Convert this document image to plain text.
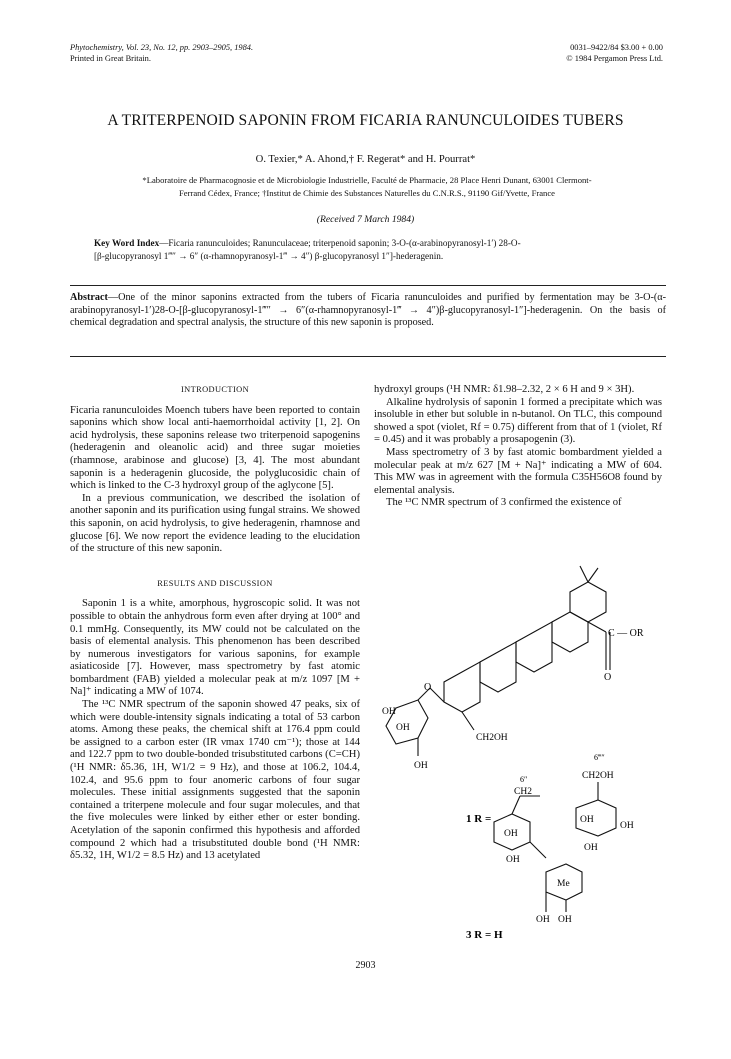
Phytochemistry, Vol. 23, No. 12, pp. 2903–2905, 1984.
Printed in Great Britain.
0031–9422/84 $3.00 + 0.00
© 1984 Pergamon Press Ltd.
A TRITERPENOID SAPONIN FROM FICARIA RANUNCULOIDES TUBERS
O. Texier,* A. Ahond,† F. Regerat* and H. Pourrat*
*Laboratoire de Pharmacognosie et de Microbiologie Industrielle, Faculté de Pharmacie, 28 Place Henri Dunant, 63001 Clermont-
Ferrand Cédex, France; †Institut de Chimie des Substances Naturelles du C.N.R.S., 91190 Gif/Yvette, France
(Received 7 March 1984)
Key Word Index—Ficaria ranunculoides; Ranunculaceae; triterpenoid saponin; 3-O-(α-arabinopyranosyl-1′) 28-O-
[β-glucopyranosyl 1‴″ → 6″ (α-rhamnopyranosyl-1‴ → 4″) β-glucopyranosyl 1″]-hederagenin.
Abstract—One of the minor saponins extracted from the tubers of Ficaria ranunculoides and purified by fermentation may be 3-O-(α-arabinopyranosyl-1′)28-O-[β-glucopyranosyl-1‴″ → 6″(α-rhamnopyranosyl-1‴ → 4″)β-glucopyranosyl-1″]-hederagenin. On the basis of chemical degradation and spectral analysis, the structure of this new saponin is proposed.
INTRODUCTION

Ficaria ranunculoides Moench tubers have been reported to contain saponins which show local anti-haemorrhoidal activity [1, 2]. On acid hydrolysis, these saponins release two triterpenoid sapogenins (hederagenin and oleanolic acid) and three sugar moieties (rhamnose, arabinose and glucose) [3, 4]. The most abundant saponin is a hederagenin glucoside, the polyglucosidic chain of which is linked to the C-3 hydroxyl group of the aglycone [5].

In a previous communication, we described the isolation of another saponin and its purification using fungal strains. We showed this saponin, on acid hydrolysis, to give hederagenin, rhamnose and glucose [6]. We now report the evidence leading to the elucidation of the structure of this new saponin.

RESULTS AND DISCUSSION

Saponin 1 is a white, amorphous, hygroscopic solid. It was not possible to obtain the anhydrous form even after drying at 100° and 0.1 mmHg. Consequently, its MW could not be calculated on the basis of elemental analysis. This phenomenon has been described by numerous investigators for various saponins, for example asiaticoside [7]. However, mass spectrometry by fast atomic bombardment (FAB) yielded a molecular peak at m/z 1097 [M + Na]⁺ indicating a MW of 1074.

The ¹³C NMR spectrum of the saponin showed 47 peaks, six of which were double-intensity signals indicating a total of 53 carbon atoms. Among these peaks, the chemical shift at 176.4 ppm could be assigned to a carbon ester (IR νmax 1740 cm⁻¹); those at 144 and 122.7 ppm to two double-bonded trisubstituted carbons (C=CH) (¹H NMR: δ5.36, 1H, W1/2 = 9 Hz), and those at 106.2, 104.4, 102.4, and 95.6 ppm to four anomeric carbons of four sugar molecules. These initial assignments suggested that the saponin contained a triterpene molecule and four sugar molecules, and that the five molecules were linked by either ether or ester bonding. Acetylation of the saponin confirmed this hypothesis and afforded compound 2 which had a trisubstituted double bond (¹H NMR: δ5.32, 1H, W1/2 = 8.5 Hz) and 13 acetylated

hydroxyl groups (¹H NMR: δ1.98–2.32, 2 × 6 H and 9 × 3H).

Alkaline hydrolysis of saponin 1 formed a precipitate which was insoluble in ether but soluble in n-butanol. On TLC, this compound showed a spot (violet, Rf = 0.75) different from that of 1 (violet, Rf = 0.45) and it was probably a prosapogenin (3).

Mass spectrometry of 3 by fast atomic bombardment yielded a molecular peak at m/z 627 [M + Na]⁺ indicating a MW of 604. This MW was in agreement with the formula C35H56O8 found by elemental analysis.

The ¹³C NMR spectrum of 3 confirmed the existence of

C — OR
O
O
CH2OH
OH
OH
OH
1 R =
3 R = H
CH2
6″	CH2OH
6‴″
Me
OH OH
OH
OH
OH
OH
OH
2903
